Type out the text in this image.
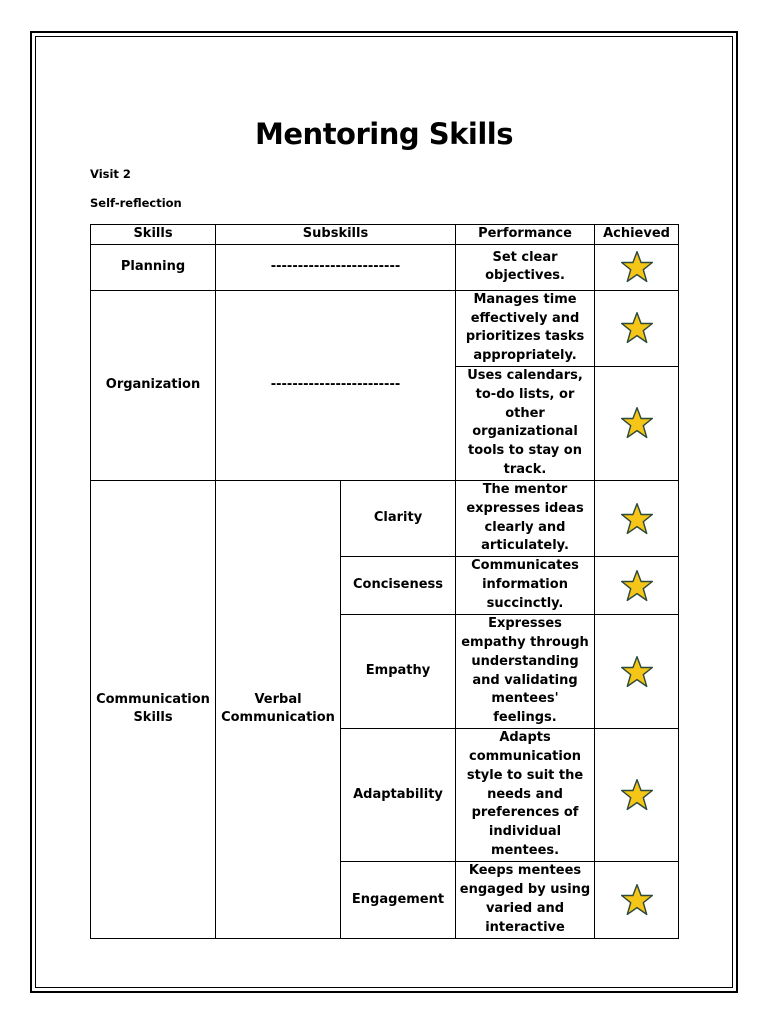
Mentoring Skills
Visit 2
Self-reflection
Skills	Subskills		Performance	Achieved
Planning	------------------------		Set clear objectives.	
Organization	------------------------		Manages time effectively and prioritizes tasks appropriately.	
			Uses calendars, to-do lists, or other organizational tools to stay on track.	
Communication Skills	Verbal Communication	Clarity	The mentor expresses ideas clearly and articulately.	
		Conciseness	Communicates information succinctly.	
		Empathy	Expresses empathy through understanding and validating mentees' feelings.	
		Adaptability	Adapts communication style to suit the needs and preferences of individual mentees.	
		Engagement	Keeps mentees engaged by using varied and interactive	
